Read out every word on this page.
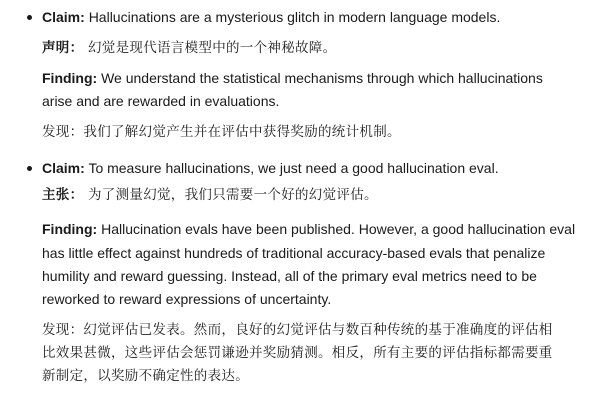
Claim: Hallucinations are a mysterious glitch in modern language models.
声明： 幻觉是现代语言模型中的一个神秘故障。
Finding: We understand the statistical mechanisms through which hallucinations
arise and are rewarded in evaluations.
发现：我们了解幻觉产生并在评估中获得奖励的统计机制。
Claim: To measure hallucinations, we just need a good hallucination eval.
主张： 为了测量幻觉，我们只需要一个好的幻觉评估。
Finding: Hallucination evals have been published. However, a good hallucination eval
has little effect against hundreds of traditional accuracy-based evals that penalize
humility and reward guessing. Instead, all of the primary eval metrics need to be
reworked to reward expressions of uncertainty.
发现：幻觉评估已发表。然而，良好的幻觉评估与数百种传统的基于准确度的评估相
比效果甚微，这些评估会惩罚谦逊并奖励猜测。相反，所有主要的评估指标都需要重
新制定，以奖励不确定性的表达。
